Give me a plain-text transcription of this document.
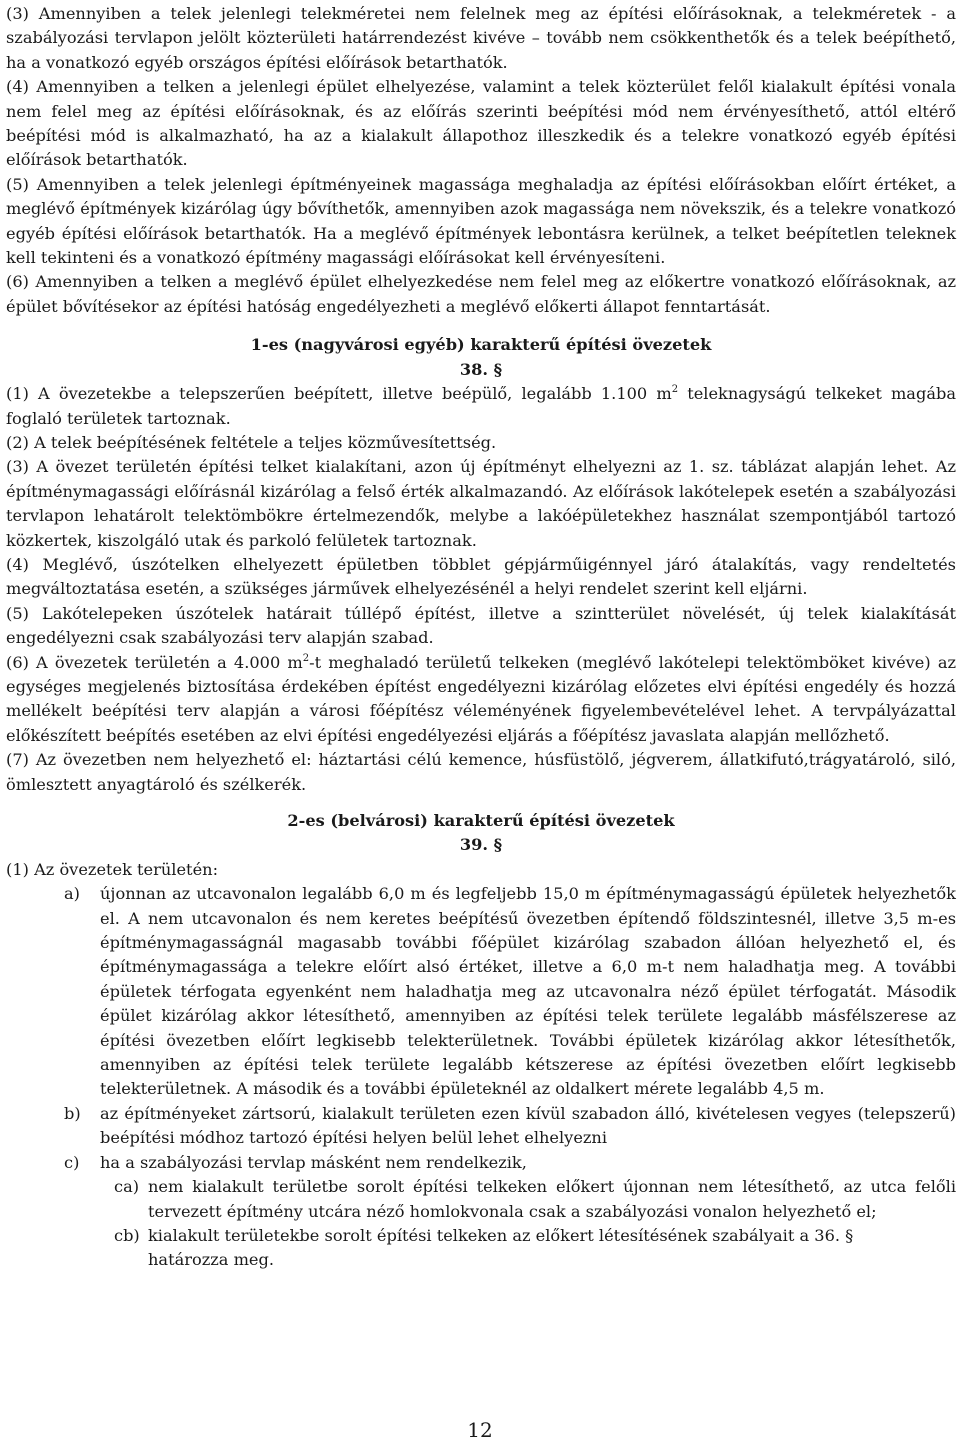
(3) Amennyiben a telek jelenlegi telekméretei nem felelnek meg az építési előírásoknak, a telekméretek - a szabályozási tervlapon jelölt közterületi határrendezést kivéve – tovább nem csökkenthetők és a telek beépíthető, ha a vonatkozó egyéb országos építési előírások betarthatók.

(4) Amennyiben a telken a jelenlegi épület elhelyezése, valamint a telek közterület felől kialakult építési vonala nem felel meg az építési előírásoknak, és az előírás szerinti beépítési mód nem érvényesíthető, attól eltérő beépítési mód is alkalmazható, ha az a kialakult állapothoz illeszkedik és a telekre vonatkozó egyéb építési előírások betarthatók.

(5) Amennyiben a telek jelenlegi építményeinek magassága meghaladja az építési előírásokban előírt értéket, a meglévő építmények kizárólag úgy bővíthetők, amennyiben azok magassága nem növekszik, és a telekre vonatkozó egyéb építési előírások betarthatók. Ha a meglévő építmények lebontásra kerülnek, a telket beépítetlen teleknek kell tekinteni és a vonatkozó építmény magassági előírásokat kell érvényesíteni.

(6) Amennyiben a telken a meglévő épület elhelyezkedése nem felel meg az előkertre vonatkozó előírásoknak, az épület bővítésekor az építési hatóság engedélyezheti a meglévő előkerti állapot fenntartását.

1-es (nagyvárosi egyéb) karakterű építési övezetek
38. §

(1) A övezetekbe a telepszerűen beépített, illetve beépülő, legalább 1.100 $m^2$ teleknagyságú telkeket magába foglaló területek tartoznak.

(2) A telek beépítésének feltétele a teljes közművesítettség.

(3) A övezet területén építési telket kialakítani, azon új építményt elhelyezni az 1. sz. táblázat alapján lehet. Az építménymagassági előírásnál kizárólag a felső érték alkalmazandó. Az előírások lakótelepek esetén a szabályozási tervlapon lehatárolt telektömbökre értelmezendők, melybe a lakóépületekhez használat szempontjából tartozó közkertek, kiszolgáló utak és parkoló felületek tartoznak.

(4) Meglévő, úszótelken elhelyezett épületben többlet gépjárműigénnyel járó átalakítás, vagy rendeltetés megváltoztatása esetén, a szükséges járművek elhelyezésénél a helyi rendelet szerint kell eljárni.

(5) Lakótelepeken úszótelek határait túllépő építést, illetve a szintterület növelését, új telek kialakítását engedélyezni csak szabályozási terv alapján szabad.

(6) A övezetek területén a 4.000 $m^2-t$ meghaladó területű telkeken (meglévő lakótelepi telektömböket kivéve) az egységes megjelenés biztosítása érdekében építést engedélyezni kizárólag előzetes elvi építési engedély és hozzá mellékelt beépítési terv alapján a városi főépítész véleményének figyelembevételével lehet. A tervpályázattal előkészített beépítés esetében az elvi építési engedélyezési eljárás a főépítész javaslata alapján mellőzhető.

(7) Az övezetben nem helyezhető el: háztartási célú kemence, húsfüstölő, jégverem, állatkifutó,trágyatároló, siló, ömlesztett anyagtároló és szélkerék.

2-es (belvárosi) karakterű építési övezetek
39. §

(1) Az övezetek területén:

a)	újonnan az utcavonalon legalább 6,0 m és legfeljebb 15,0 m építménymagasságú épületek helyezhetők el. A nem utcavonalon és nem keretes beépítésű övezetben építendő földszintesnél, illetve 3,5 m-es építménymagasságnál magasabb további főépület kizárólag szabadon állóan helyezhető el, és építménymagassága a telekre előírt alsó értéket, illetve a 6,0 m-t nem haladhatja meg. A további épületek térfogata egyenként nem haladhatja meg az utcavonalra néző épület térfogatát. Második épület kizárólag akkor létesíthető, amennyiben az építési telek területe legalább másfélszerese az építési övezetben előírt legkisebb telekterületnek. További épületek kizárólag akkor létesíthetők, amennyiben az építési telek területe legalább kétszerese az építési övezetben előírt legkisebb telekterületnek. A második és a további épületeknél az oldalkert mérete legalább 4,5 m.
b)	az építményeket zártsorú, kialakult területen ezen kívül szabadon álló, kivételesen vegyes (telepszerű) beépítési módhoz tartozó építési helyen belül lehet elhelyezni
c)	ha a szabályozási tervlap másként nem rendelkezik,
ca) nem kialakult területbe sorolt építési telkeken előkert újonnan nem létesíthető, az utca felőli tervezett építmény utcára néző homlokvonala csak a szabályozási vonalon helyezhető el;
cb) kialakult területekbe sorolt építési telkeken az előkert létesítésének szabályait a 36. §
határozza meg.
12
